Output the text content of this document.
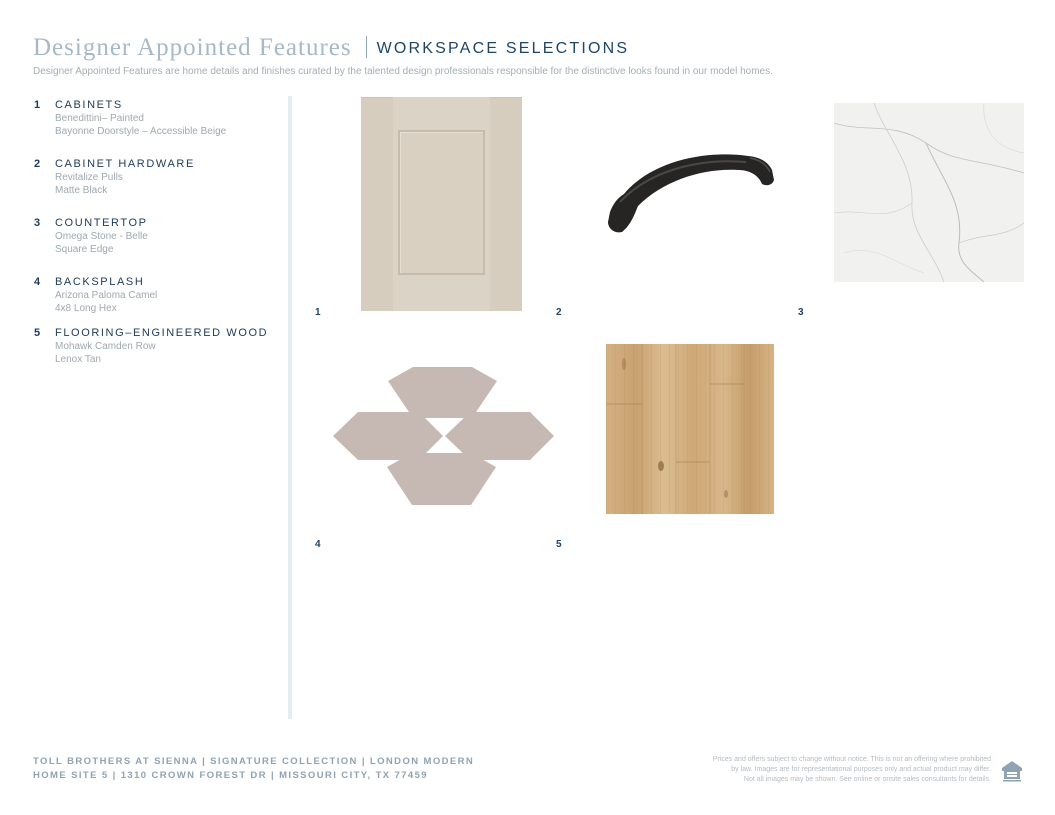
Designer Appointed Features WORKSPACE SELECTIONS
Designer Appointed Features are home details and finishes curated by the talented design professionals responsible for the distinctive looks found in our model homes.
1 CABINETS
Benedittini– Painted
Bayonne Doorstyle – Accessible Beige
2 CABINET HARDWARE
Revitalize Pulls
Matte Black
3 COUNTERTOP
Omega Stone - Belle
Square Edge
4 BACKSPLASH
Arizona Paloma Camel
4x8 Long Hex
5 FLOORING–ENGINEERED WOOD
Mohawk Camden Row
Lenox Tan
1	2	3
4	5
TOLL BROTHERS AT SIENNA | SIGNATURE COLLECTION | LONDON MODERN
HOME SITE 5 | 1310 CROWN FOREST DR | MISSOURI CITY, TX 77459
Prices and offers subject to change without notice. This is not an offering where prohibited
by law. Images are for representational purposes only and actual product may differ.
Not all images may be shown. See online or onsite sales consultants for details.
